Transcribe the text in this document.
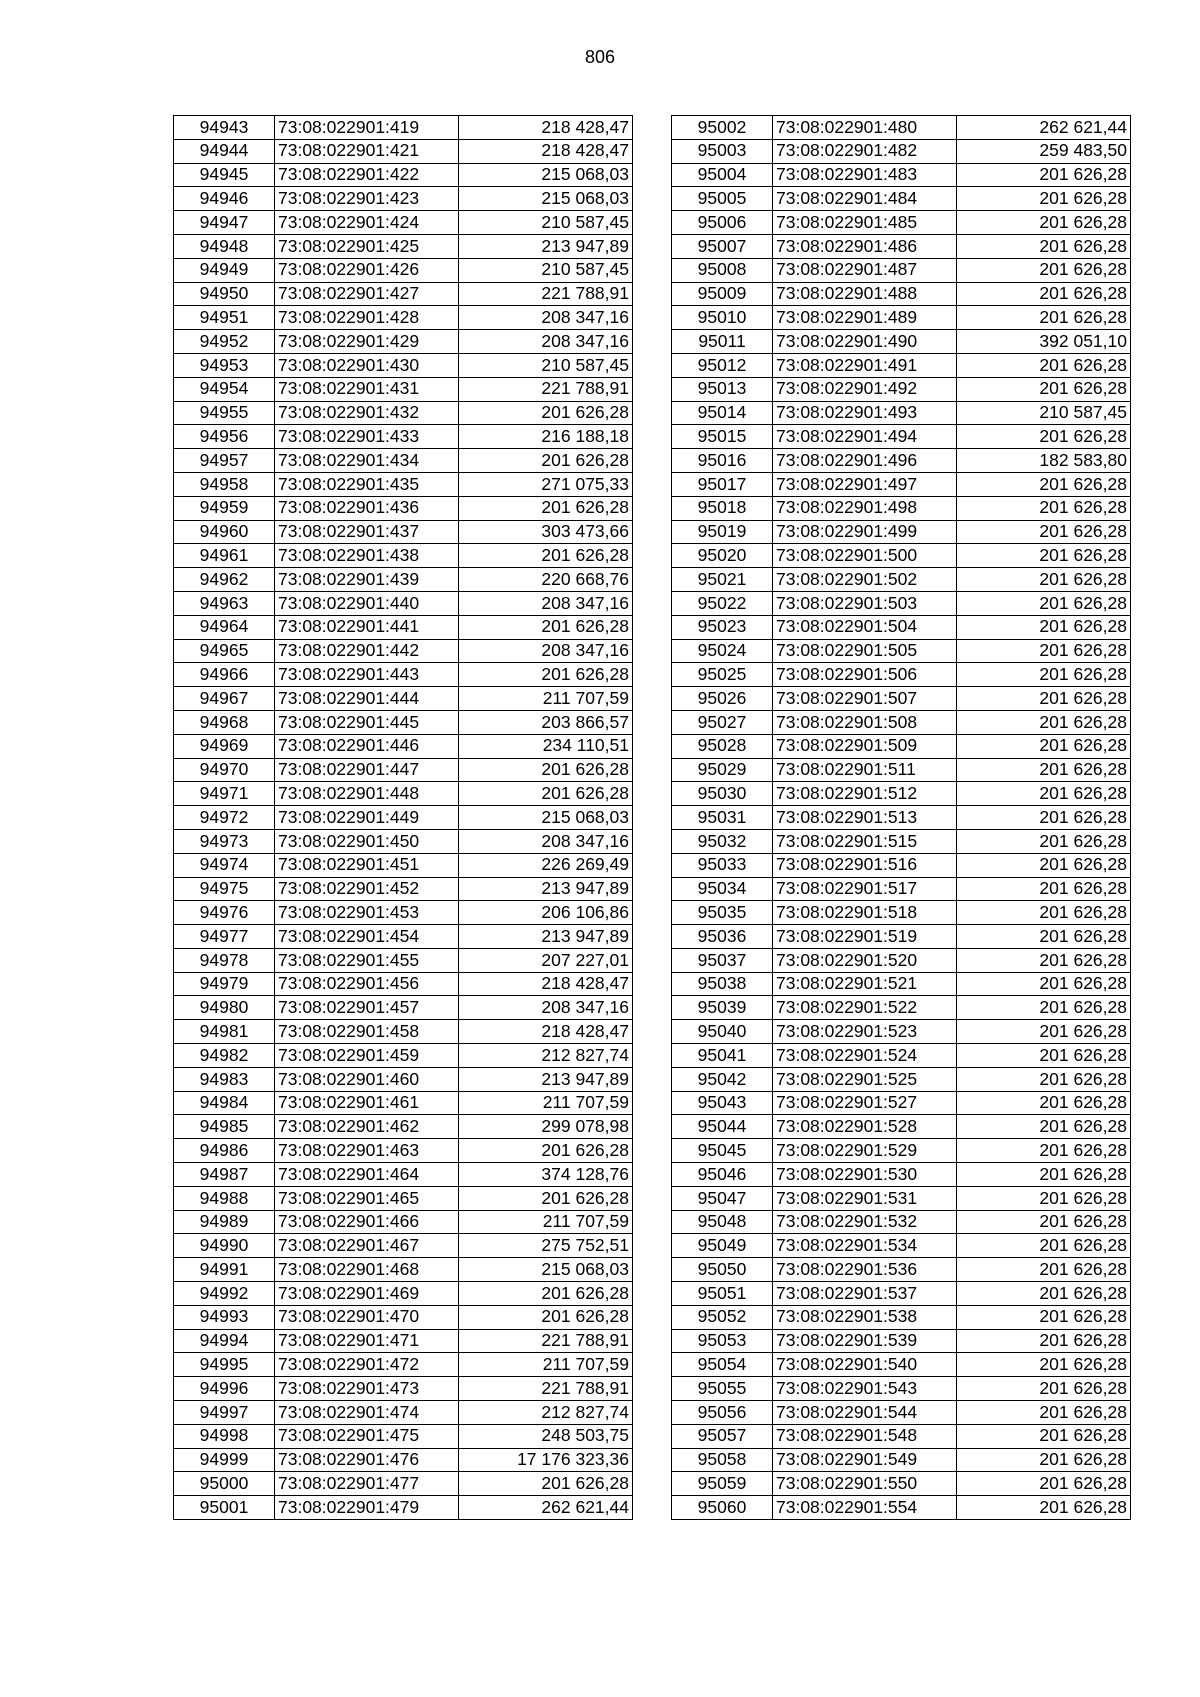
806
94943	73:08:022901:419	218 428,47
94944	73:08:022901:421	218 428,47
94945	73:08:022901:422	215 068,03
94946	73:08:022901:423	215 068,03
94947	73:08:022901:424	210 587,45
94948	73:08:022901:425	213 947,89
94949	73:08:022901:426	210 587,45
94950	73:08:022901:427	221 788,91
94951	73:08:022901:428	208 347,16
94952	73:08:022901:429	208 347,16
94953	73:08:022901:430	210 587,45
94954	73:08:022901:431	221 788,91
94955	73:08:022901:432	201 626,28
94956	73:08:022901:433	216 188,18
94957	73:08:022901:434	201 626,28
94958	73:08:022901:435	271 075,33
94959	73:08:022901:436	201 626,28
94960	73:08:022901:437	303 473,66
94961	73:08:022901:438	201 626,28
94962	73:08:022901:439	220 668,76
94963	73:08:022901:440	208 347,16
94964	73:08:022901:441	201 626,28
94965	73:08:022901:442	208 347,16
94966	73:08:022901:443	201 626,28
94967	73:08:022901:444	211 707,59
94968	73:08:022901:445	203 866,57
94969	73:08:022901:446	234 110,51
94970	73:08:022901:447	201 626,28
94971	73:08:022901:448	201 626,28
94972	73:08:022901:449	215 068,03
94973	73:08:022901:450	208 347,16
94974	73:08:022901:451	226 269,49
94975	73:08:022901:452	213 947,89
94976	73:08:022901:453	206 106,86
94977	73:08:022901:454	213 947,89
94978	73:08:022901:455	207 227,01
94979	73:08:022901:456	218 428,47
94980	73:08:022901:457	208 347,16
94981	73:08:022901:458	218 428,47
94982	73:08:022901:459	212 827,74
94983	73:08:022901:460	213 947,89
94984	73:08:022901:461	211 707,59
94985	73:08:022901:462	299 078,98
94986	73:08:022901:463	201 626,28
94987	73:08:022901:464	374 128,76
94988	73:08:022901:465	201 626,28
94989	73:08:022901:466	211 707,59
94990	73:08:022901:467	275 752,51
94991	73:08:022901:468	215 068,03
94992	73:08:022901:469	201 626,28
94993	73:08:022901:470	201 626,28
94994	73:08:022901:471	221 788,91
94995	73:08:022901:472	211 707,59
94996	73:08:022901:473	221 788,91
94997	73:08:022901:474	212 827,74
94998	73:08:022901:475	248 503,75
94999	73:08:022901:476	17 176 323,36
95000	73:08:022901:477	201 626,28
95001	73:08:022901:479	262 621,44
95002	73:08:022901:480	262 621,44
95003	73:08:022901:482	259 483,50
95004	73:08:022901:483	201 626,28
95005	73:08:022901:484	201 626,28
95006	73:08:022901:485	201 626,28
95007	73:08:022901:486	201 626,28
95008	73:08:022901:487	201 626,28
95009	73:08:022901:488	201 626,28
95010	73:08:022901:489	201 626,28
95011	73:08:022901:490	392 051,10
95012	73:08:022901:491	201 626,28
95013	73:08:022901:492	201 626,28
95014	73:08:022901:493	210 587,45
95015	73:08:022901:494	201 626,28
95016	73:08:022901:496	182 583,80
95017	73:08:022901:497	201 626,28
95018	73:08:022901:498	201 626,28
95019	73:08:022901:499	201 626,28
95020	73:08:022901:500	201 626,28
95021	73:08:022901:502	201 626,28
95022	73:08:022901:503	201 626,28
95023	73:08:022901:504	201 626,28
95024	73:08:022901:505	201 626,28
95025	73:08:022901:506	201 626,28
95026	73:08:022901:507	201 626,28
95027	73:08:022901:508	201 626,28
95028	73:08:022901:509	201 626,28
95029	73:08:022901:511	201 626,28
95030	73:08:022901:512	201 626,28
95031	73:08:022901:513	201 626,28
95032	73:08:022901:515	201 626,28
95033	73:08:022901:516	201 626,28
95034	73:08:022901:517	201 626,28
95035	73:08:022901:518	201 626,28
95036	73:08:022901:519	201 626,28
95037	73:08:022901:520	201 626,28
95038	73:08:022901:521	201 626,28
95039	73:08:022901:522	201 626,28
95040	73:08:022901:523	201 626,28
95041	73:08:022901:524	201 626,28
95042	73:08:022901:525	201 626,28
95043	73:08:022901:527	201 626,28
95044	73:08:022901:528	201 626,28
95045	73:08:022901:529	201 626,28
95046	73:08:022901:530	201 626,28
95047	73:08:022901:531	201 626,28
95048	73:08:022901:532	201 626,28
95049	73:08:022901:534	201 626,28
95050	73:08:022901:536	201 626,28
95051	73:08:022901:537	201 626,28
95052	73:08:022901:538	201 626,28
95053	73:08:022901:539	201 626,28
95054	73:08:022901:540	201 626,28
95055	73:08:022901:543	201 626,28
95056	73:08:022901:544	201 626,28
95057	73:08:022901:548	201 626,28
95058	73:08:022901:549	201 626,28
95059	73:08:022901:550	201 626,28
95060	73:08:022901:554	201 626,28
